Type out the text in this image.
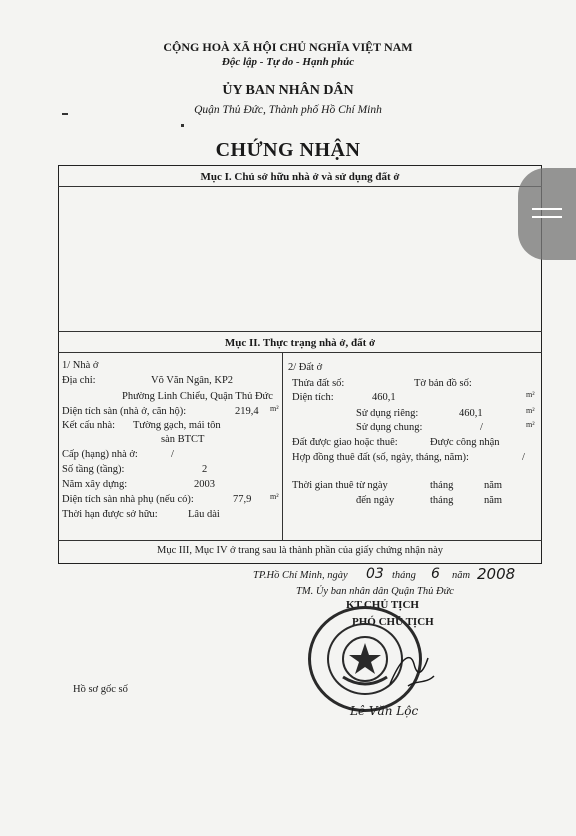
CỘNG HOÀ XÃ HỘI CHỦ NGHĨA VIỆT NAM
Độc lập - Tự do - Hạnh phúc
ỦY BAN NHÂN DÂN
Quận Thủ Đức, Thành phố Hồ Chí Minh
CHỨNG NHẬN
Mục I. Chủ sở hữu nhà ở và sử dụng đất ở
Mục II. Thực trạng nhà ở, đất ở
1/ Nhà ở
Địa chỉ:	Võ Văn Ngân, KP2
Phường Linh Chiểu, Quận Thủ Đức
Diện tích sàn (nhà ở, căn hộ):	219,4 m²
Kết cấu nhà: Tường gạch, mái tôn
sàn BTCT
Cấp (hạng) nhà ở:	/
Số tầng (tầng):	2
Năm xây dựng:	2003
Diện tích sàn nhà phụ (nếu có):	77,9 m²
Thời hạn được sở hữu:	Lâu dài
2/ Đất ở
Thửa đất số:	Tờ bản đồ số:
Diện tích:	460,1	m²
Sử dụng riêng:	460,1	m²
Sử dụng chung:	/	m²
Đất được giao hoặc thuê:	Được công nhận
Hợp đồng thuê đất (số, ngày, tháng, năm):	/
Thời gian thuê từ ngày	tháng	năm
đến ngày	tháng	năm
Mục III, Mục IV ở trang sau là thành phần của giấy chứng nhận này
TP.Hồ Chí Minh, ngày 03 tháng 6 năm 2008
TM. Ủy ban nhân dân Quận Thủ Đức
KT.CHỦ TỊCH
PHÓ CHỦ TỊCH
Lê Văn Lộc
Hồ sơ gốc số
